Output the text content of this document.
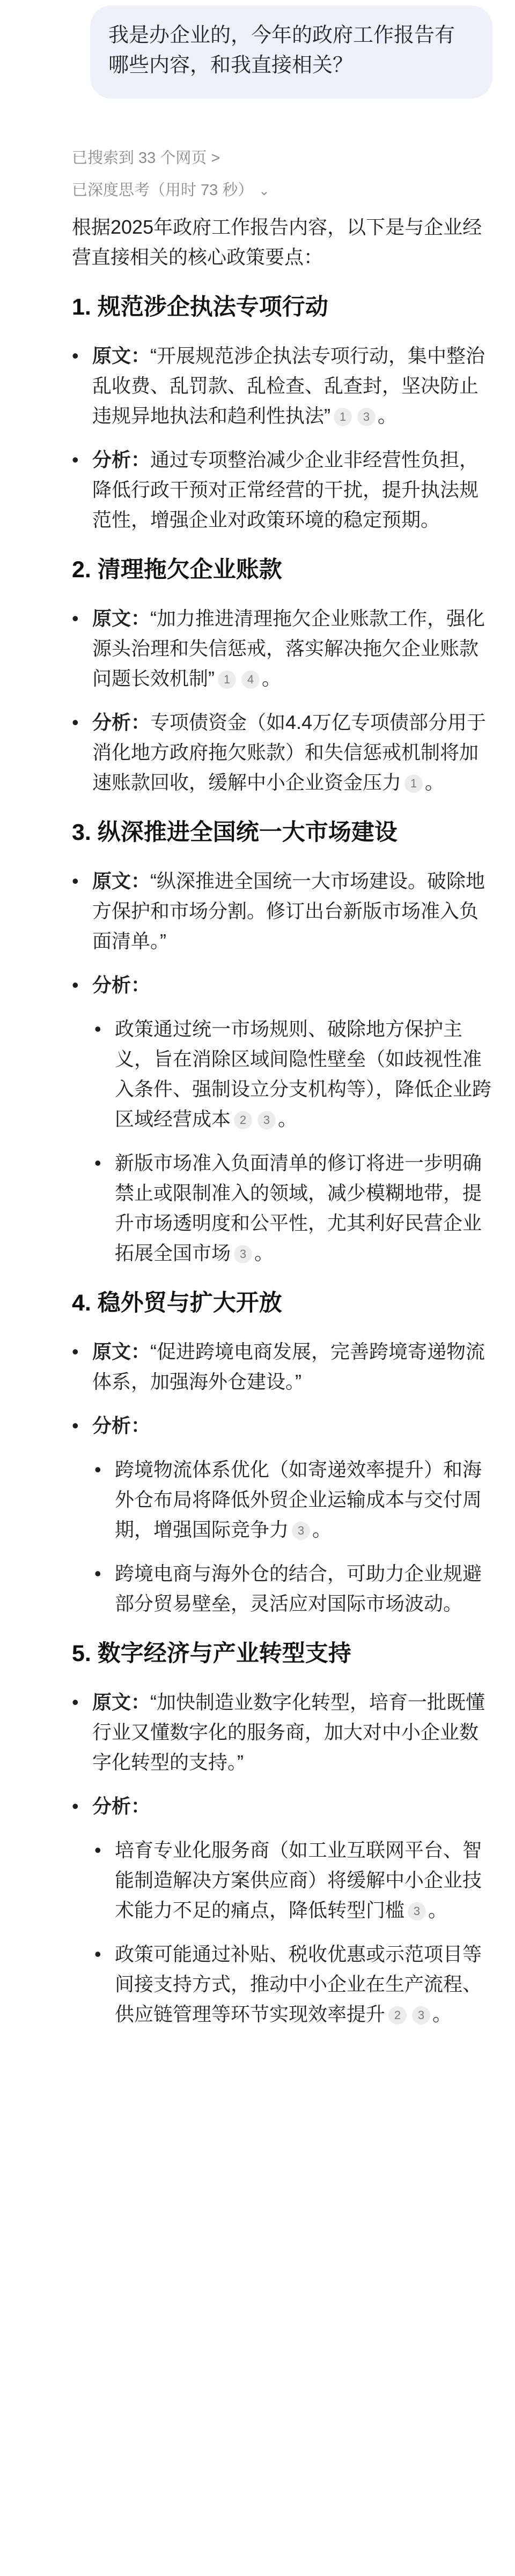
我是办企业的，今年的政府工作报告有哪些内容，和我直接相关？
已搜索到 33 个网页 >
已深度思考（用时 73 秒） ⌄

根据2025年政府工作报告内容，以下是与企业经营直接相关的核心政策要点：

1. 规范涉企执法专项行动
• 原文：“开展规范涉企执法专项行动，集中整治乱收费、乱罚款、乱检查、乱查封，坚决防止违规异地执法和趋利性执法” 1 3 。
• 分析：通过专项整治减少企业非经营性负担，降低行政干预对正常经营的干扰，提升执法规范性，增强企业对政策环境的稳定预期。
2. 清理拖欠企业账款
• 原文：“加力推进清理拖欠企业账款工作，强化源头治理和失信惩戒，落实解决拖欠企业账款问题长效机制” 1 4 。
• 分析：专项债资金（如4.4万亿专项债部分用于消化地方政府拖欠账款）和失信惩戒机制将加速账款回收，缓解中小企业资金压力 1 。
3. 纵深推进全国统一大市场建设
• 原文：“纵深推进全国统一大市场建设。破除地方保护和市场分割。修订出台新版市场准入负面清单。”
• 分析：
• 政策通过统一市场规则、破除地方保护主义，旨在消除区域间隐性壁垒（如歧视性准入条件、强制设立分支机构等），降低企业跨区域经营成本 2 3 。
• 新版市场准入负面清单的修订将进一步明确禁止或限制准入的领域，减少模糊地带，提升市场透明度和公平性，尤其利好民营企业拓展全国市场 3 。
4. 稳外贸与扩大开放
• 原文：“促进跨境电商发展，完善跨境寄递物流体系，加强海外仓建设。”
• 分析：
• 跨境物流体系优化（如寄递效率提升）和海外仓布局将降低外贸企业运输成本与交付周期，增强国际竞争力 3 。
• 跨境电商与海外仓的结合，可助力企业规避部分贸易壁垒，灵活应对国际市场波动。
5. 数字经济与产业转型支持
• 原文：“加快制造业数字化转型，培育一批既懂行业又懂数字化的服务商，加大对中小企业数字化转型的支持。”
• 分析：
• 培育专业化服务商（如工业互联网平台、智能制造解决方案供应商）将缓解中小企业技术能力不足的痛点，降低转型门槛 3 。
• 政策可能通过补贴、税收优惠或示范项目等间接支持方式，推动中小企业在生产流程、供应链管理等环节实现效率提升 2 3 。
